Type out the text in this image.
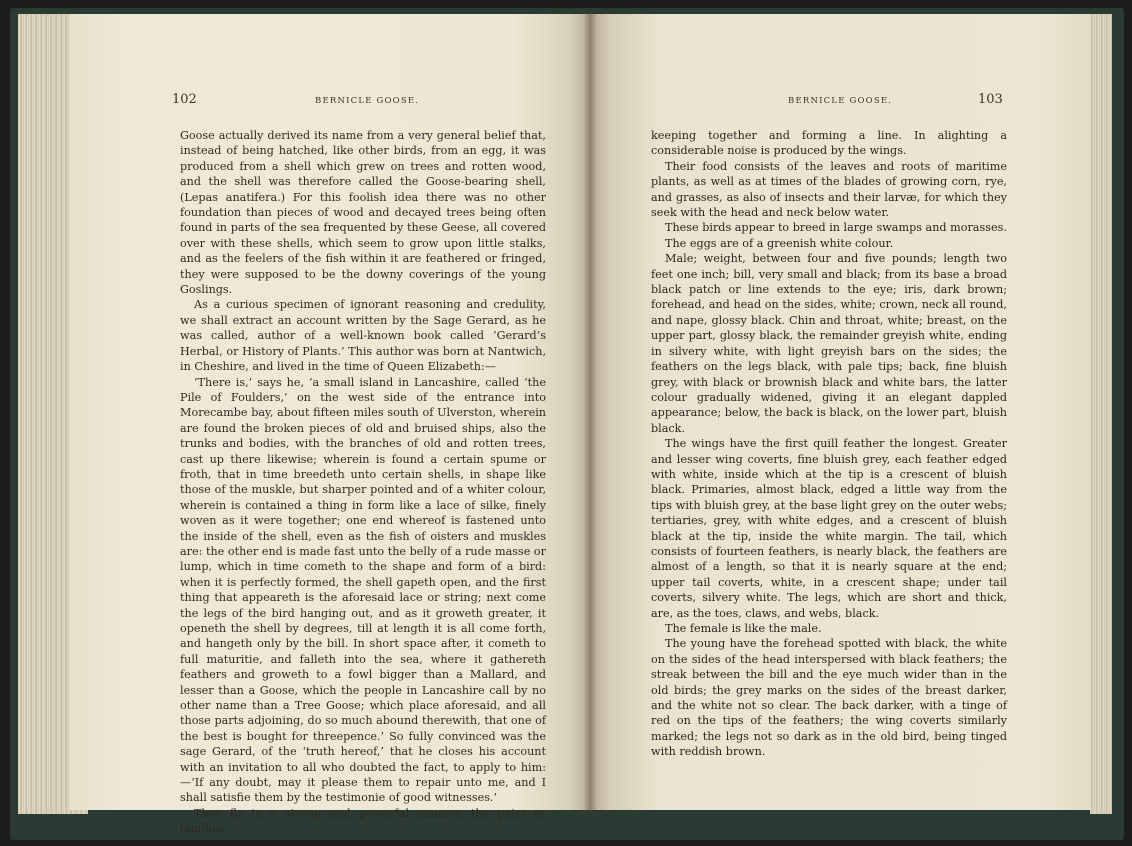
102	BERNICLE GOOSE.

Goose actually derived its name from a very general belief that, instead of being hatched, like other birds, from an egg, it was produced from a shell which grew on trees and rotten wood, and the shell was therefore called the Goose-bearing shell, (Lepas anatifera.) For this foolish idea there was no other foundation than pieces of wood and decayed trees being often found in parts of the sea frequented by these Geese, all covered over with these shells, which seem to grow upon little stalks, and as the feelers of the fish within it are feathered or fringed, they were supposed to be the downy coverings of the young Goslings.

As a curious specimen of ignorant reasoning and credulity, we shall extract an account written by the Sage Gerard, as he was called, author of a well-known book called ‘Gerard’s Herbal, or History of Plants.’ This author was born at Nantwich, in Cheshire, and lived in the time of Queen Elizabeth:—

‘There is,’ says he, ‘a small island in Lancashire, called ‘the Pile of Foulders,’ on the west side of the entrance into Morecambe bay, about fifteen miles south of Ulverston, wherein are found the broken pieces of old and bruised ships, also the trunks and bodies, with the branches of old and rotten trees, cast up there likewise; wherein is found a certain spume or froth, that in time breedeth unto certain shells, in shape like those of the muskle, but sharper pointed and of a whiter colour, wherein is contained a thing in form like a lace of silke, finely woven as it were together; one end whereof is fastened unto the inside of the shell, even as the fish of oisters and muskles are: the other end is made fast unto the belly of a rude masse or lump, which in time cometh to the shape and form of a bird: when it is perfectly formed, the shell gapeth open, and the first thing that appeareth is the aforesaid lace or string; next come the legs of the bird hanging out, and as it groweth greater, it openeth the shell by degrees, till at length it is all come forth, and hangeth only by the bill. In short space after, it cometh to full maturitie, and falleth into the sea, where it gathereth feathers and groweth to a fowl bigger than a Mallard, and lesser than a Goose, which the people in Lancashire call by no other name than a Tree Goose; which place aforesaid, and all those parts adjoining, do so much abound therewith, that one of the best is bought for threepence.’ So fully convinced was the sage Gerard, of the ‘truth hereof,’ that he closes his account with an invitation to all who doubted the fact, to apply to him:—‘If any doubt, may it please them to repair unto me, and I shall satisfie them by the testimonie of good witnesses.’

They fly in a strong and powerful manner, the pairs or families

BERNICLE GOOSE.	103

keeping together and forming a line. In alighting a considerable noise is produced by the wings.

Their food consists of the leaves and roots of maritime plants, as well as at times of the blades of growing corn, rye, and grasses, as also of insects and their larvæ, for which they seek with the head and neck below water.

These birds appear to breed in large swamps and morasses.

The eggs are of a greenish white colour.

Male; weight, between four and five pounds; length two feet one inch; bill, very small and black; from its base a broad black patch or line extends to the eye; iris, dark brown; forehead, and head on the sides, white; crown, neck all round, and nape, glossy black. Chin and throat, white; breast, on the upper part, glossy black, the remainder greyish white, ending in silvery white, with light greyish bars on the sides; the feathers on the legs black, with pale tips; back, fine bluish grey, with black or brownish black and white bars, the latter colour gradually widened, giving it an elegant dappled appearance; below, the back is black, on the lower part, bluish black.

The wings have the first quill feather the longest. Greater and lesser wing coverts, fine bluish grey, each feather edged with white, inside which at the tip is a crescent of bluish black. Primaries, almost black, edged a little way from the tips with bluish grey, at the base light grey on the outer webs; tertiaries, grey, with white edges, and a crescent of bluish black at the tip, inside the white margin. The tail, which consists of fourteen feathers, is nearly black, the feathers are almost of a length, so that it is nearly square at the end; upper tail coverts, white, in a crescent shape; under tail coverts, silvery white. The legs, which are short and thick, are, as the toes, claws, and webs, black.

The female is like the male.

The young have the forehead spotted with black, the white on the sides of the head interspersed with black feathers; the streak between the bill and the eye much wider than in the old birds; the grey marks on the sides of the breast darker, and the white not so clear. The back darker, with a tinge of red on the tips of the feathers; the wing coverts similarly marked; the legs not so dark as in the old bird, being tinged with reddish brown.
